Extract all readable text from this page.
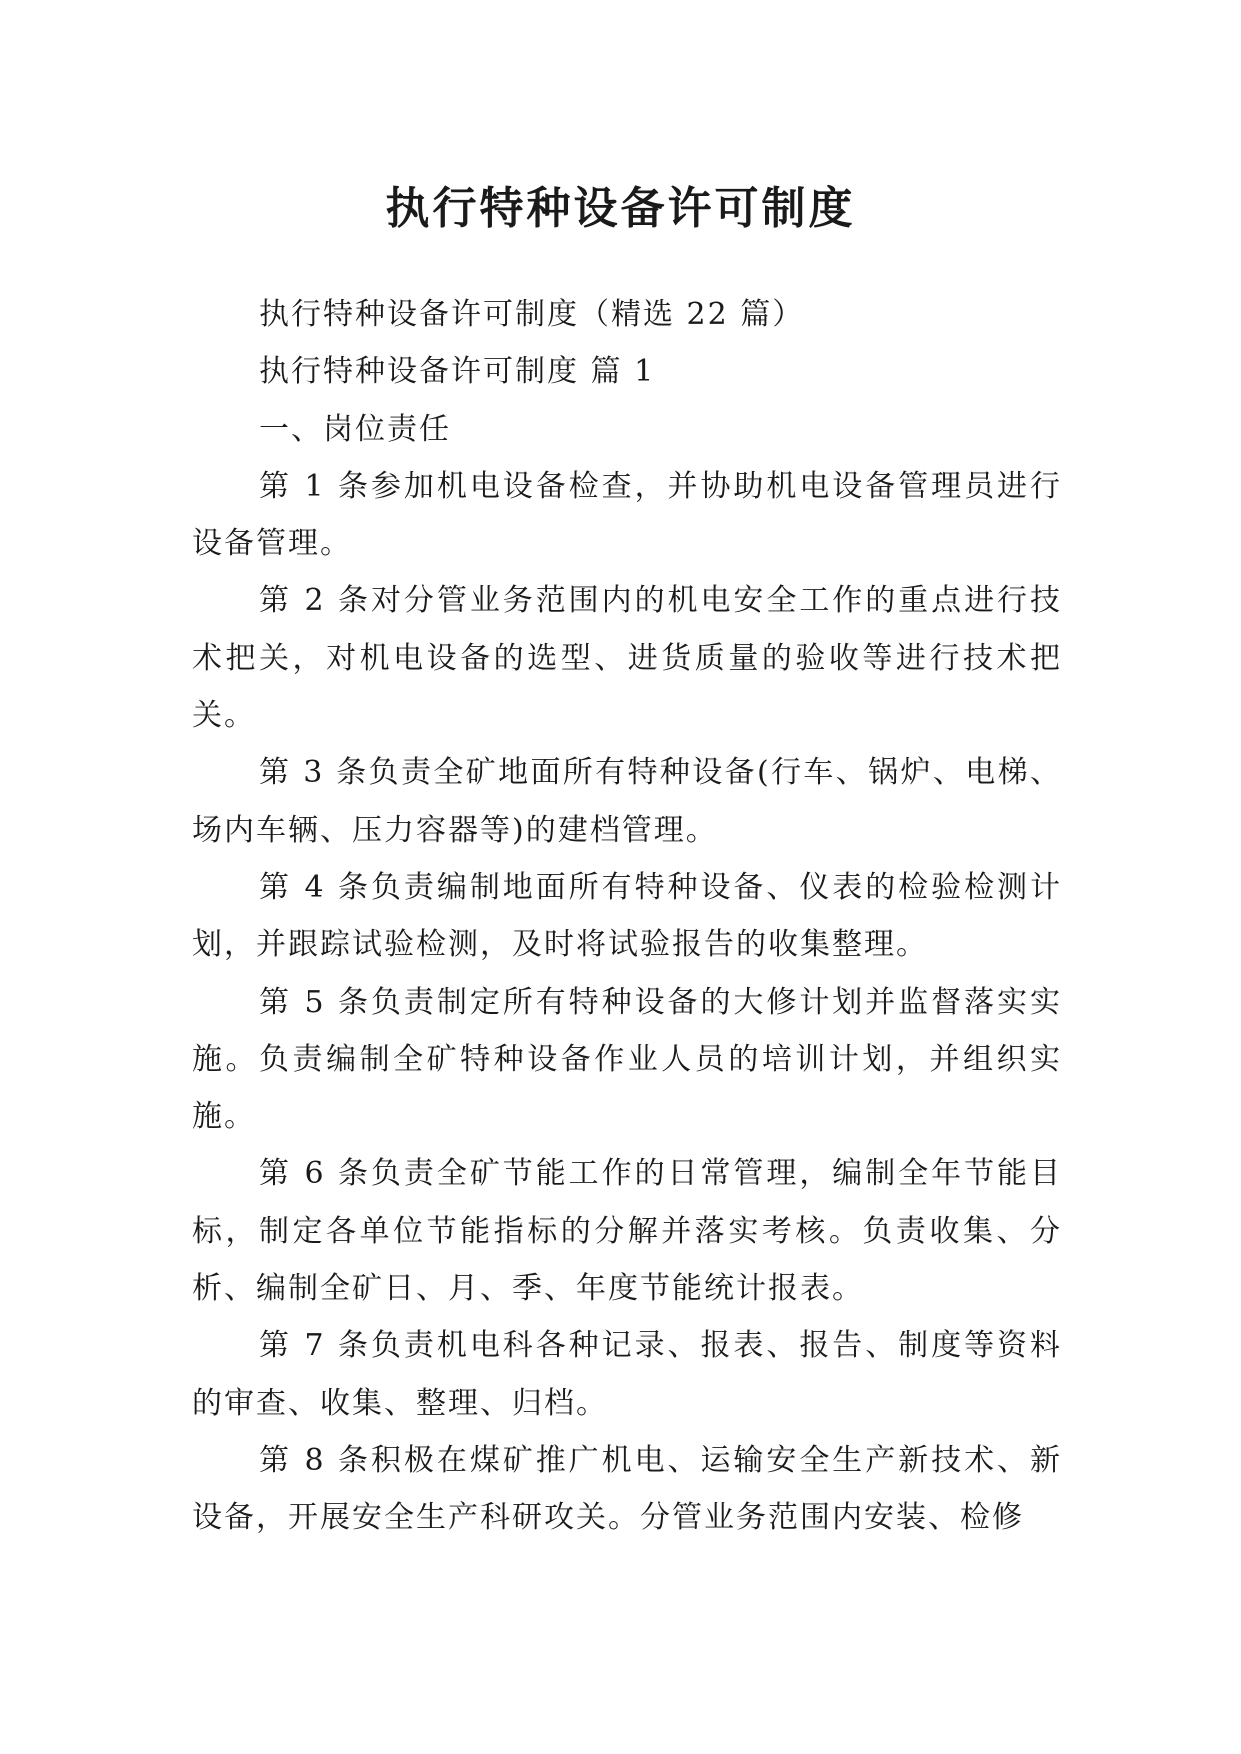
执行特种设备许可制度

执行特种设备许可制度（精选 22 篇）

执行特种设备许可制度 篇 1

一、岗位责任

第 1 条参加机电设备检查，并协助机电设备管理员进行设备管理。

第 2 条对分管业务范围内的机电安全工作的重点进行技术把关，对机电设备的选型、进货质量的验收等进行技术把关。

第 3 条负责全矿地面所有特种设备(行车、锅炉、电梯、场内车辆、压力容器等)的建档管理。

第 4 条负责编制地面所有特种设备、仪表的检验检测计划，并跟踪试验检测，及时将试验报告的收集整理。

第 5 条负责制定所有特种设备的大修计划并监督落实实施。负责编制全矿特种设备作业人员的培训计划，并组织实施。

第 6 条负责全矿节能工作的日常管理，编制全年节能目标，制定各单位节能指标的分解并落实考核。负责收集、分析、编制全矿日、月、季、年度节能统计报表。

第 7 条负责机电科各种记录、报表、报告、制度等资料的审查、收集、整理、归档。

第 8 条积极在煤矿推广机电、运输安全生产新技术、新设备，开展安全生产科研攻关。分管业务范围内安装、检修
